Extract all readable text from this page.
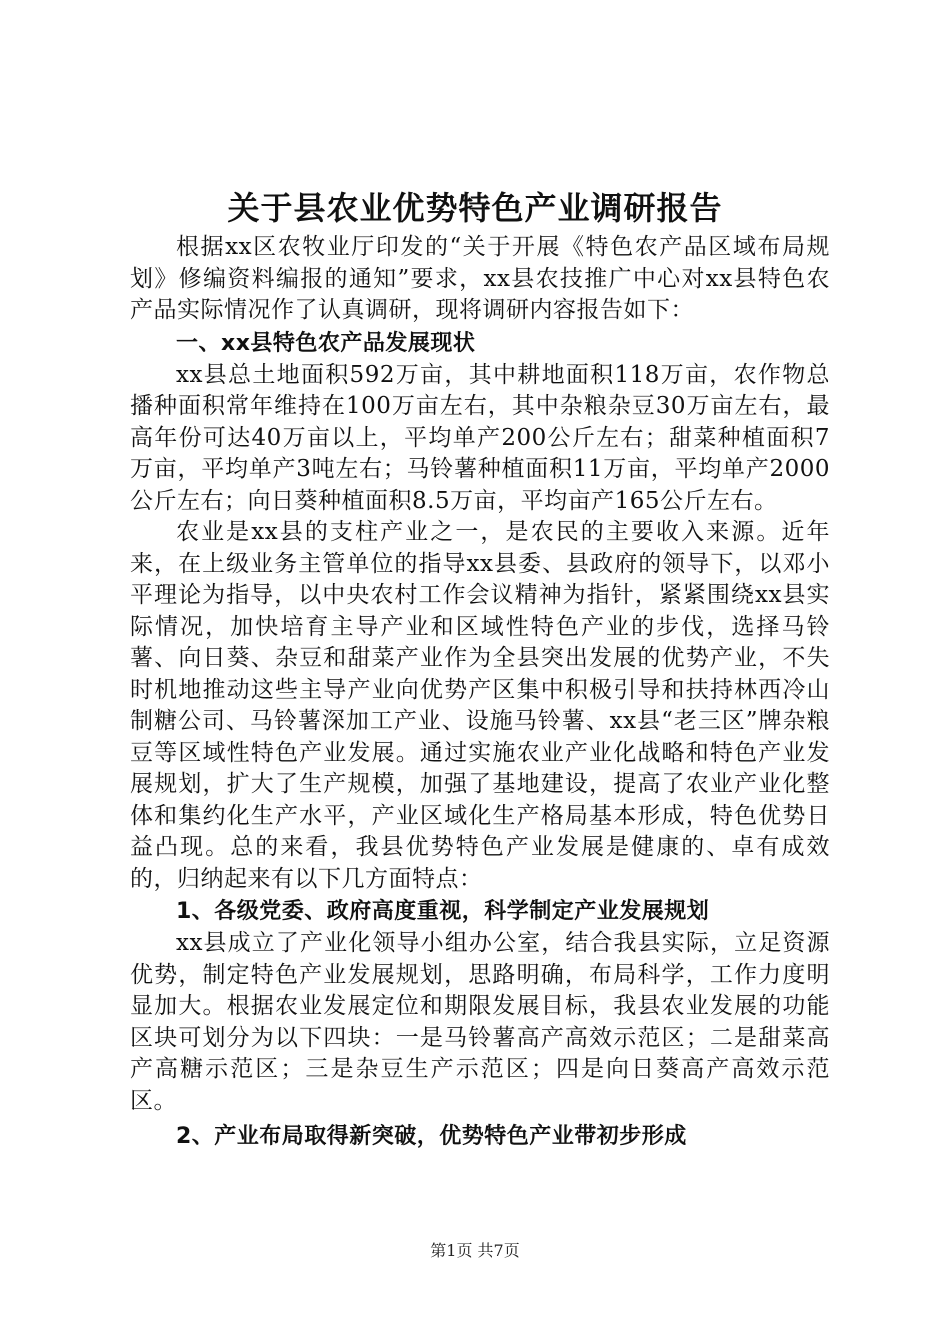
关于县农业优势特色产业调研报告

根据xx区农牧业厅印发的“关于开展《特色农产品区域布局规划》修编资料编报的通知”要求，xx县农技推广中心对xx县特色农产品实际情况作了认真调研，现将调研内容报告如下：

一、xx县特色农产品发展现状

xx县总土地面积592万亩，其中耕地面积118万亩，农作物总播种面积常年维持在100万亩左右，其中杂粮杂豆30万亩左右，最高年份可达40万亩以上，平均单产200公斤左右；甜菜种植面积7万亩，平均单产3吨左右；马铃薯种植面积11万亩，平均单产2000公斤左右；向日葵种植面积8.5万亩，平均亩产165公斤左右。

农业是xx县的支柱产业之一，是农民的主要收入来源。近年来，在上级业务主管单位的指导xx县委、县政府的领导下，以邓小平理论为指导，以中央农村工作会议精神为指针，紧紧围绕xx县实际情况，加快培育主导产业和区域性特色产业的步伐，选择马铃薯、向日葵、杂豆和甜菜产业作为全县突出发展的优势产业，不失时机地推动这些主导产业向优势产区集中积极引导和扶持林西冷山制糖公司、马铃薯深加工产业、设施马铃薯、xx县“老三区”牌杂粮豆等区域性特色产业发展。通过实施农业产业化战略和特色产业发展规划，扩大了生产规模，加强了基地建设，提高了农业产业化整体和集约化生产水平，产业区域化生产格局基本形成，特色优势日益凸现。总的来看，我县优势特色产业发展是健康的、卓有成效的，归纳起来有以下几方面特点：

1、各级党委、政府高度重视，科学制定产业发展规划

xx县成立了产业化领导小组办公室，结合我县实际，立足资源优势，制定特色产业发展规划，思路明确，布局科学，工作力度明显加大。根据农业发展定位和期限发展目标，我县农业发展的功能区块可划分为以下四块：一是马铃薯高产高效示范区；二是甜菜高产高糖示范区；三是杂豆生产示范区；四是向日葵高产高效示范区。

2、产业布局取得新突破，优势特色产业带初步形成
第1页 共7页
